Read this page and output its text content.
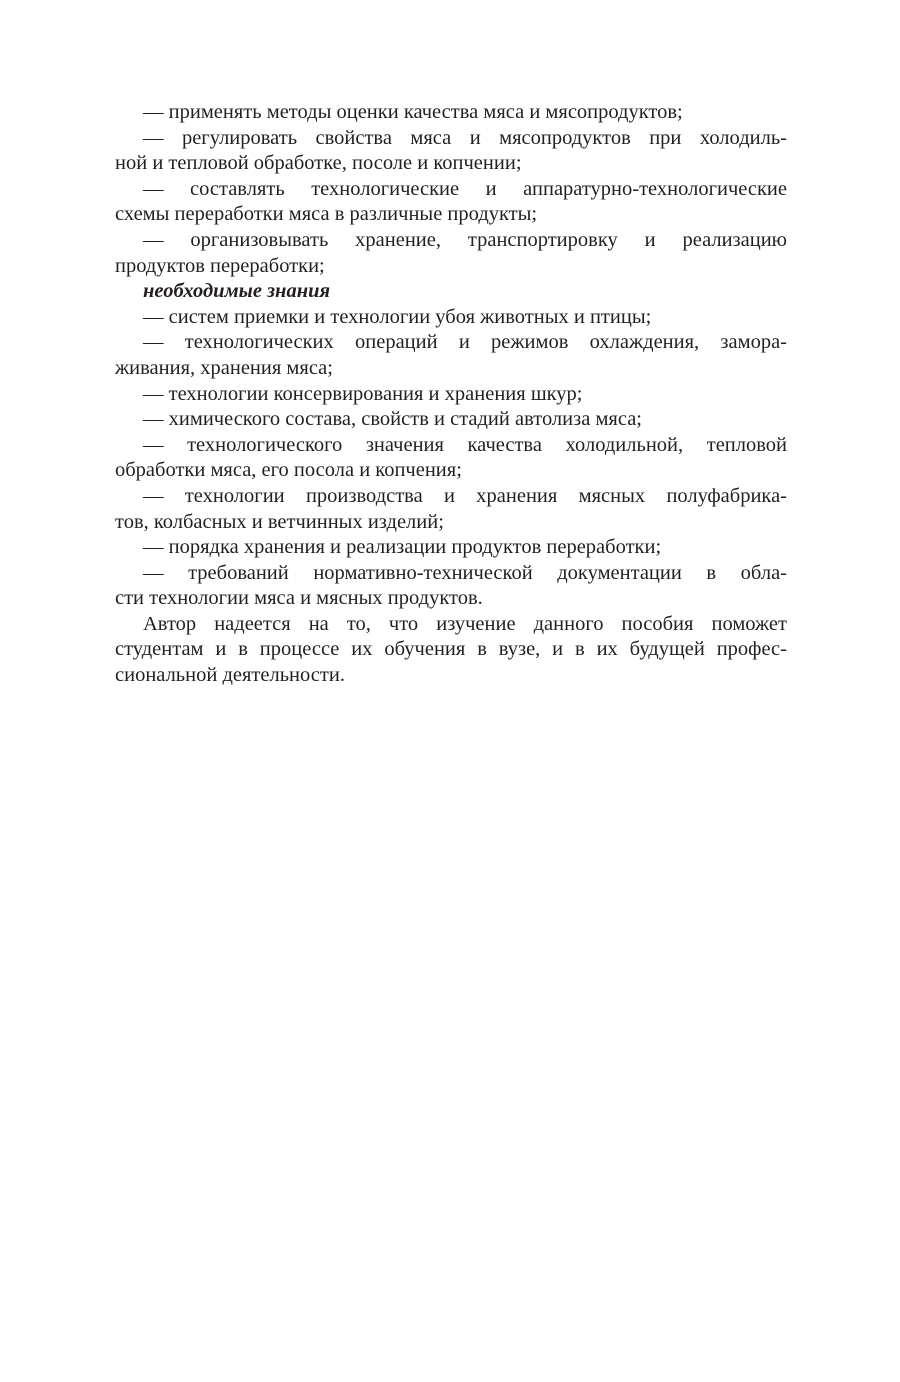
— применять методы оценки качества мяса и мясопродуктов;
— регулировать свойства мяса и мясопродуктов при холодиль-
ной и тепловой обработке, посоле и копчении;
— составлять технологические и аппаратурно-технологические
схемы переработки мяса в различные продукты;
— организовывать хранение, транспортировку и реализацию
продуктов переработки;
необходимые знания
— систем приемки и технологии убоя животных и птицы;
— технологических операций и режимов охлаждения, замора-
живания, хранения мяса;
— технологии консервирования и хранения шкур;
— химического состава, свойств и стадий автолиза мяса;
— технологического значения качества холодильной, тепловой
обработки мяса, его посола и копчения;
— технологии производства и хранения мясных полуфабрика-
тов, колбасных и ветчинных изделий;
— порядка хранения и реализации продуктов переработки;
— требований нормативно-технической документации в обла-
сти технологии мяса и мясных продуктов.
Автор надеется на то, что изучение данного пособия поможет
студентам и в процессе их обучения в вузе, и в их будущей профес-
сиональной деятельности.
